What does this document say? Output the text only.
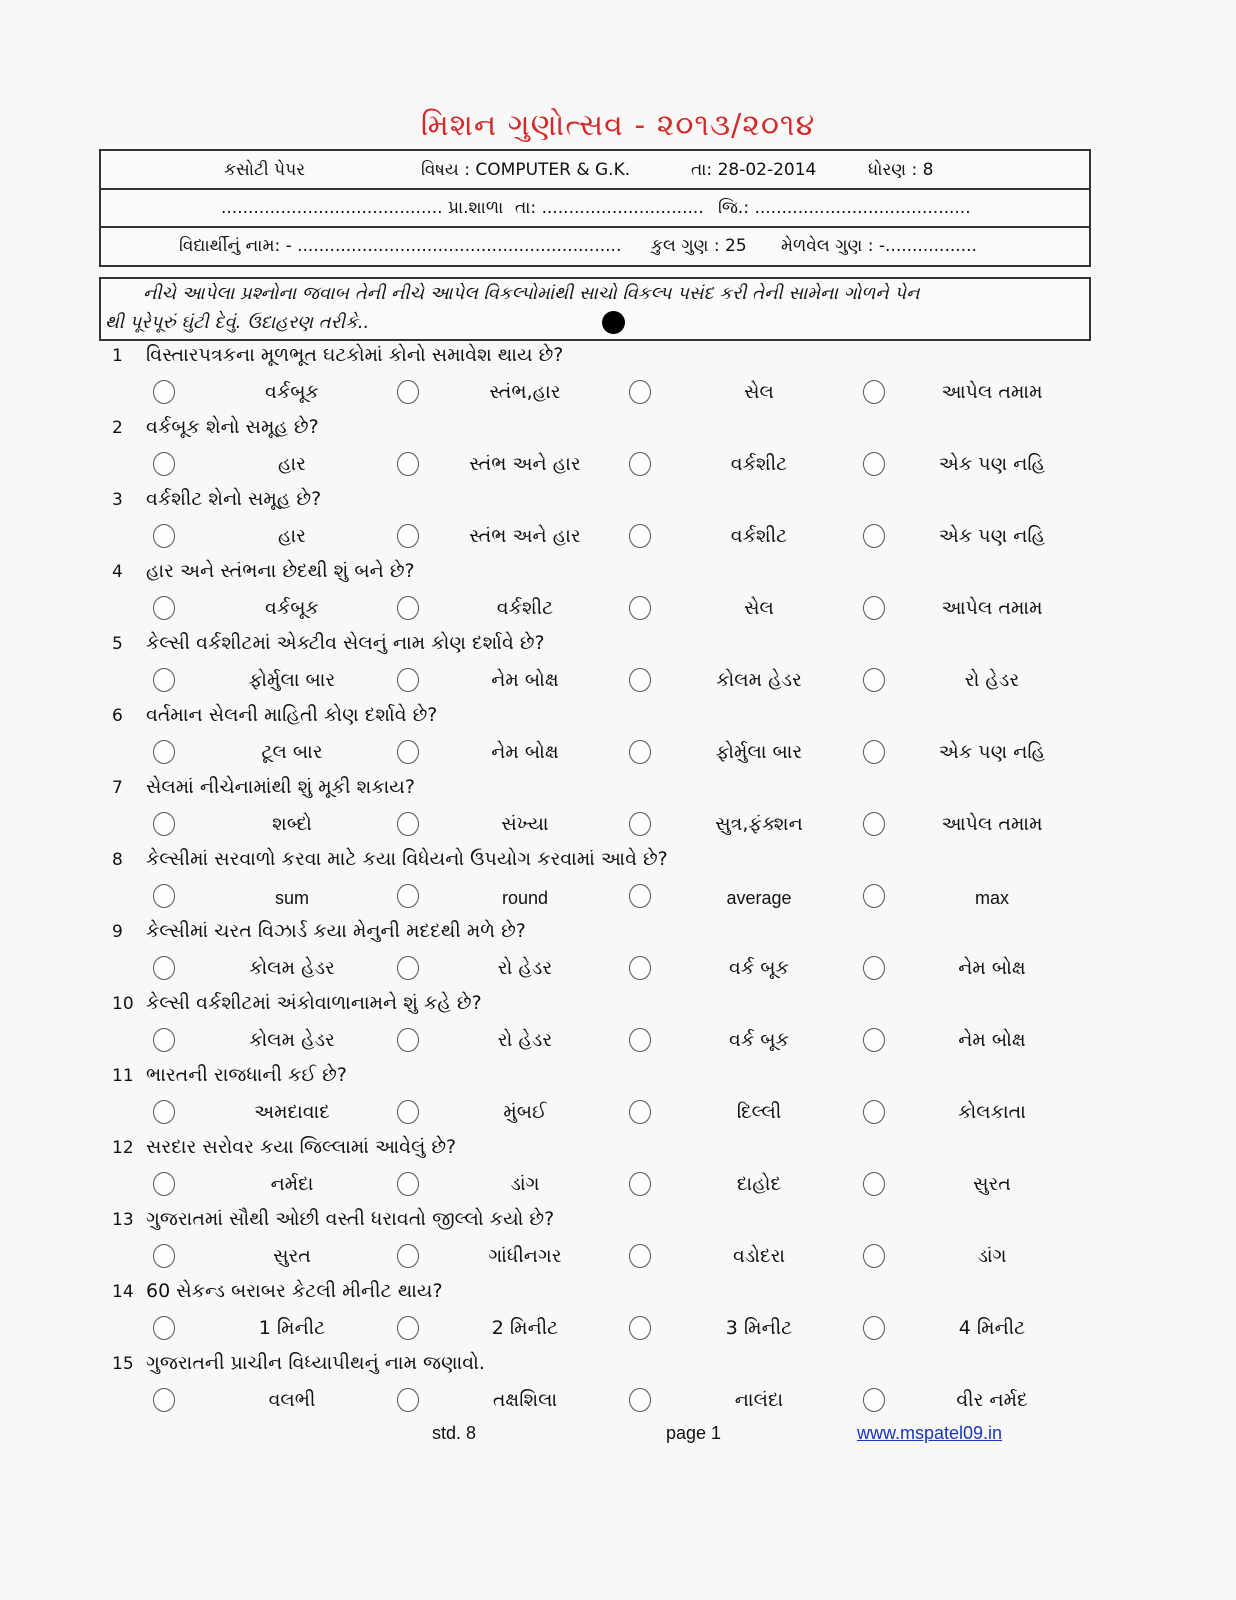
મિશન ગુણોત્સવ - ૨૦૧૩/૨૦૧૪
કસોટી પેપર	વિષય : COMPUTER & G.K.	તા: 28-02-2014	ધોરણ : 8
......................................... પ્રા.શાળા તા: .............................. જિ.: ........................................
વિદ્યાર્થીનું નામ: - ............................................................ કુલ ગુણ : 25 મેળવેલ ગુણ : -.................
નીચે આપેલા પ્રશ્નોના જવાબ તેની નીચે આપેલ વિકલ્પોમાંથી સાચો વિકલ્પ પસંદ કરી તેની સામેના ગોળને પેન
થી પૂરેપૂરું ઘુંટી દેવું. ઉદાહરણ તરીકે..
1 વિસ્તારપત્રકના મૂળભૂત ઘટકોમાં કોનો સમાવેશ થાય છે?
વર્કબૂક	સ્તંભ,હાર	સેલ	આપેલ તમામ
2 વર્કબૂક શેનો સમૂહ છે?
હાર	સ્તંભ અને હાર	વર્કશીટ	એક પણ નહિ
3 વર્કશીટ શેનો સમૂહ છે?
હાર	સ્તંભ અને હાર	વર્કશીટ	એક પણ નહિ
4 હાર અને સ્તંભના છેદથી શું બને છે?
વર્કબૂક	વર્કશીટ	સેલ	આપેલ તમામ
5 કેલ્સી વર્કશીટમાં એક્ટીવ સેલનું નામ કોણ દર્શાવે છે?
ફોર્મુલા બાર	નેમ બોક્ષ	કોલમ હેડર	રો હેડર
6 વર્તમાન સેલની માહિતી કોણ દર્શાવે છે?
ટૂલ બાર	નેમ બોક્ષ	ફોર્મુલા બાર	એક પણ નહિ
7 સેલમાં નીચેનામાંથી શું મૂકી શકાય?
શબ્દો	સંખ્યા	સુત્ર,ફંક્શન	આપેલ તમામ
8 કેલ્સીમાં સરવાળો કરવા માટે કયા વિધેયનો ઉપયોગ કરવામાં આવે છે?
sum	round	average	max
9 કેલ્સીમાં ચરત વિઝાર્ડ કયા મેનુની મદદથી મળે છે?
કોલમ હેડર	રો હેડર	વર્ક બૂક	નેમ બોક્ષ
10 કેલ્સી વર્કશીટમાં અંકોવાળાનામને શું કહે છે?
કોલમ હેડર	રો હેડર	વર્ક બૂક	નેમ બોક્ષ
11 ભારતની રાજધાની કઈ છે?
અમદાવાદ	મુંબઈ	દિલ્લી	કોલકાતા
12 સરદાર સરોવર કયા જિલ્લામાં આવેલું છે?
નર્મદા	ડાંગ	દાહોદ	સુરત
13 ગુજરાતમાં સૌથી ઓછી વસ્તી ધરાવતો જીલ્લો કયો છે?
સુરત	ગાંધીનગર	વડોદરા	ડાંગ
14 60 સેકન્ડ બરાબર કેટલી મીનીટ થાય?
1 મિનીટ	2 મિનીટ	3 મિનીટ	4 મિનીટ
15 ગુજરાતની પ્રાચીન વિધ્યાપીથનું નામ જણાવો.
વલભી	તક્ષશિલા	નાલંદા	વીર નર્મદ
std. 8	page 1	www.mspatel09.in
